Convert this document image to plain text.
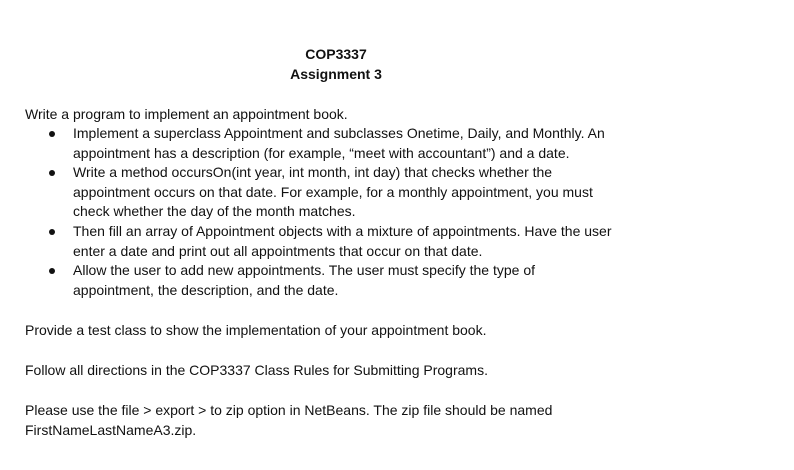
COP3337
Assignment 3
Write a program to implement an appointment book.
Implement a superclass Appointment and subclasses Onetime, Daily, and Monthly. An
appointment has a description (for example, “meet with accountant”) and a date.
Write a method occursOn(int year, int month, int day) that checks whether the
appointment occurs on that date. For example, for a monthly appointment, you must
check whether the day of the month matches.
Then fill an array of Appointment objects with a mixture of appointments. Have the user
enter a date and print out all appointments that occur on that date.
Allow the user to add new appointments. The user must specify the type of
appointment, the description, and the date.
Provide a test class to show the implementation of your appointment book.
Follow all directions in the COP3337 Class Rules for Submitting Programs.
Please use the file > export > to zip option in NetBeans. The zip file should be named
FirstNameLastNameA3.zip.
